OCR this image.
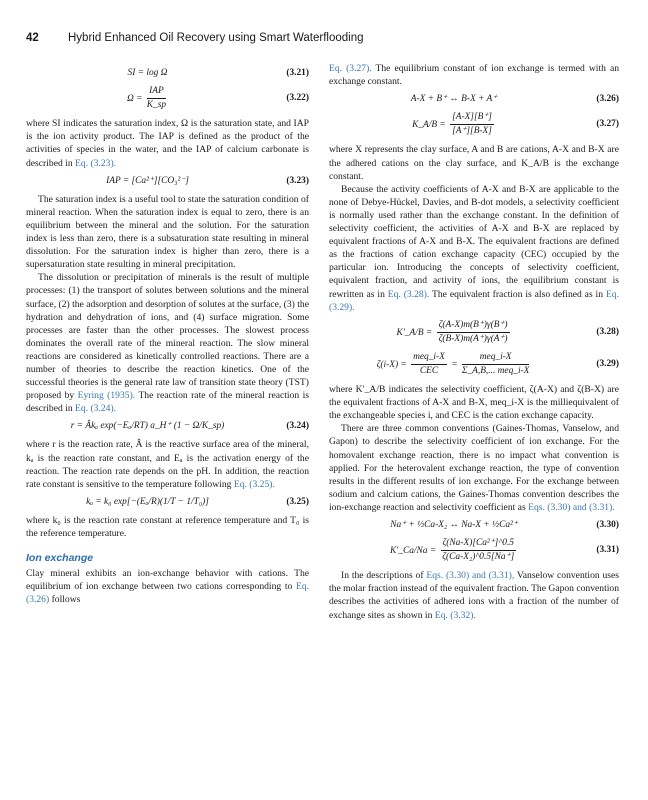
42	Hybrid Enhanced Oil Recovery using Smart Waterflooding
SI = log Ω	(3.21)
$\Omega = \frac{\text{IAP}}{K\_sp}$	(3.22)

where SI indicates the saturation index, Ω is the saturation state, and IAP is the ion activity product. The IAP is defined as the product of the activities of species in the water, and the IAP of calcium carbonate is described in Eq. (3.23).

IAP = [Ca²⁺][CO₃²⁻]	(3.23)

The saturation index is a useful tool to state the saturation condition of mineral reaction. When the saturation index is equal to zero, there is an equilibrium between the mineral and the solution. For the saturation index is less than zero, there is a subsaturation state resulting in mineral dissolution. For the saturation index is higher than zero, there is a supersaturation state resulting in mineral precipitation.

The dissolution or precipitation of minerals is the result of multiple processes: (1) the transport of solutes between solutions and the mineral surface, (2) the adsorption and desorption of solutes at the surface, (3) the hydration and dehydration of ions, and (4) surface migration. Some processes are faster than the other processes. The slowest process dominates the overall rate of the mineral reaction. The slow mineral reactions are considered as kinetically controlled reactions. There are a number of theories to describe the reaction kinetics. One of the successful theories is the general rate law of transition state theory (TST) proposed by Eyring (1935). The reaction rate of the mineral reaction is described in Eq. (3.24).

r = Âkₐ exp(−Eₐ/RT) a_H⁺ (1 − Ω/K_sp)	(3.24)

where r is the reaction rate, Â is the reactive surface area of the mineral, kₐ is the reaction rate constant, and Eₐ is the activation energy of the reaction. The reaction rate depends on the pH. In addition, the reaction rate constant is sensitive to the temperature following Eq. (3.25).

kₐ = k₀ exp[−(Eₐ/R)(1/T − 1/T₀)]	(3.25)

where k₀ is the reaction rate constant at reference temperature and T₀ is the reference temperature.

Ion exchange

Clay mineral exhibits an ion-exchange behavior with cations. The equilibrium of ion exchange between two cations corresponding to Eq. (3.26) follows

Eq. (3.27). The equilibrium constant of ion exchange is termed with an exchange constant.

A-X + B⁺ ↔ B-X + A⁺	(3.26)
K_A/B = $\frac{[A-X][B^+]}{[A^+][B-X]}$	(3.27)

where X represents the clay surface, A and B are cations, A-X and B-X are the adhered cations on the clay surface, and K_A/B is the exchange constant.

Because the activity coefficients of A-X and B-X are applicable to the none of Debye-Hückel, Davies, and B-dot models, a selectivity coefficient is normally used rather than the exchange constant. In the definition of selectivity coefficient, the activities of A-X and B-X are replaced by equivalent fractions of A-X and B-X. The equivalent fractions are defined as the fractions of cation exchange capacity (CEC) occupied by the particular ion. Introducing the concepts of selectivity coefficient, equivalent fraction, and activity of ions, the equilibrium constant is rewritten as in Eq. (3.28). The equivalent fraction is also defined as in Eq. (3.29).

K′_A/B = $\frac{\zeta(A-X)m(B^+)\gamma(B^+)}{\zeta(B-X)m(A^+)\gamma(A^+)}$	(3.28)
$\zeta(i-X) = \frac{\text{meq\_i-X}}{\text{CEC}} = \frac{\text{meq\_i-X}}{\text{Σ\_A,B,... meq\_i-X}}$	(3.29)

where K′_A/B indicates the selectivity coefficient, ζ(A-X) and ζ(B-X) are the equivalent fractions of A-X and B-X, meq_i-X is the milliequivalent of the exchangeable species i, and CEC is the cation exchange capacity.

There are three common conventions (Gaines-Thomas, Vanselow, and Gapon) to describe the selectivity coefficient of ion exchange. For the homovalent exchange reaction, there is no impact what convention is applied. For the heterovalent exchange reaction, the type of convention results in the different results of ion exchange. For the exchange between sodium and calcium cations, the Gaines-Thomas convention describes the ion-exchange reaction and selectivity coefficient as Eqs. (3.30) and (3.31).

Na⁺ + ½Ca-X₂ ↔ Na-X + ½Ca²⁺	(3.30)
K′_Ca/Na = $\frac{\text{ζ(Na-X)[Ca²⁺]\textasciicircum{}0.5}}{\text{ζ(Ca-X₂)\textasciicircum{}0.5[Na⁺]}}$	(3.31)

In the descriptions of Eqs. (3.30) and (3.31), Vanselow convention uses the molar fraction instead of the equivalent fraction. The Gapon convention describes the activities of adhered ions with a fraction of the number of exchange sites as shown in Eq. (3.32).
